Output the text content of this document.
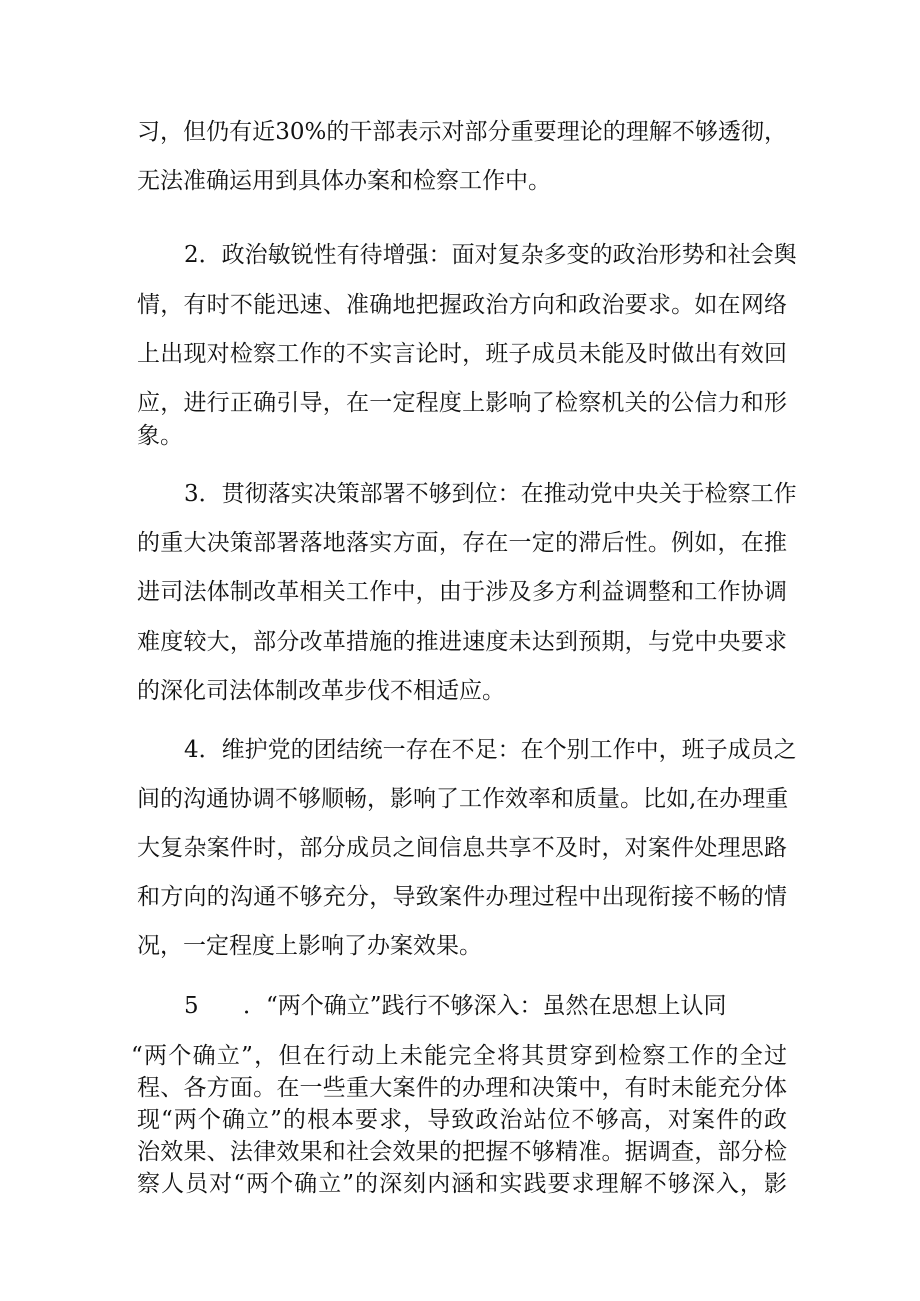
习，但仍有近30%的干部表示对部分重要理论的理解不够透彻，
无法准确运用到具体办案和检察工作中。
2．政治敏锐性有待增强：面对复杂多变的政治形势和社会舆
情，有时不能迅速、准确地把握政治方向和政治要求。如在网络
上出现对检察工作的不实言论时，班子成员未能及时做出有效回
应，进行正确引导，在一定程度上影响了检察机关的公信力和形
象。
3．贯彻落实决策部署不够到位：在推动党中央关于检察工作
的重大决策部署落地落实方面，存在一定的滞后性。例如，在推
进司法体制改革相关工作中，由于涉及多方利益调整和工作协调
难度较大，部分改革措施的推进速度未达到预期，与党中央要求
的深化司法体制改革步伐不相适应。
4．维护党的团结统一存在不足：在个别工作中，班子成员之
间的沟通协调不够顺畅，影响了工作效率和质量。比如,在办理重
大复杂案件时，部分成员之间信息共享不及时，对案件处理思路
和方向的沟通不够充分，导致案件办理过程中出现衔接不畅的情
况，一定程度上影响了办案效果。
5 ．“两个确立”践行不够深入：虽然在思想上认同
“两个确立”，但在行动上未能完全将其贯穿到检察工作的全过
程、各方面。在一些重大案件的办理和决策中，有时未能充分体
现“两个确立”的根本要求，导致政治站位不够高，对案件的政
治效果、法律效果和社会效果的把握不够精准。据调查，部分检
察人员对“两个确立”的深刻内涵和实践要求理解不够深入，影
